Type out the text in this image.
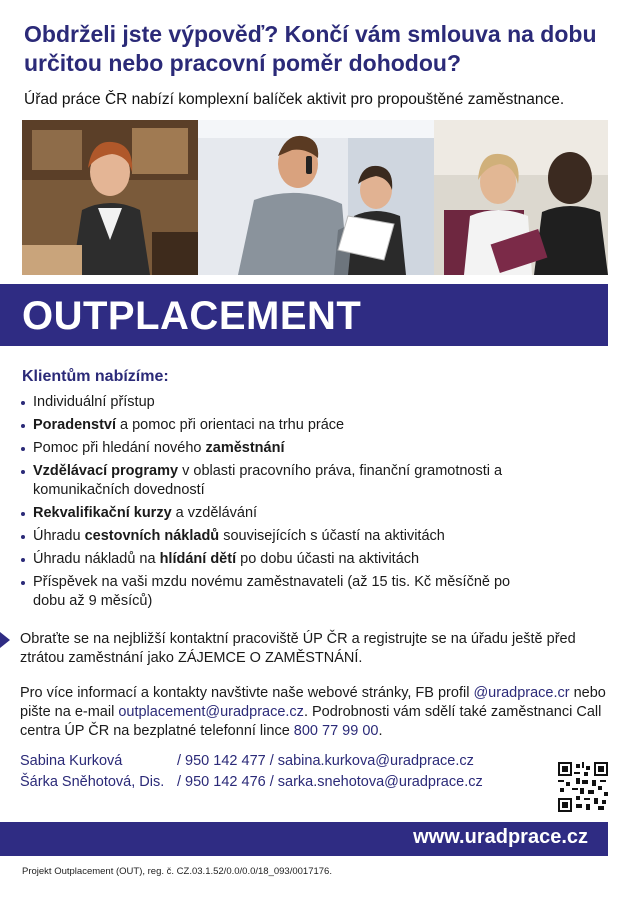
Obdrželi jste výpověď? Končí vám smlouva na dobu určitou nebo pracovní poměr dohodou?
Úřad práce ČR nabízí komplexní balíček aktivit pro propouštěné zaměstnance.
OUTPLACEMENT
Klientům nabízíme:
Individuální přístup
Poradenství a pomoc při orientaci na trhu práce
Pomoc při hledání nového zaměstnání
Vzdělávací programy v oblasti pracovního práva, finanční gramotnosti a komunikačních dovedností
Rekvalifikační kurzy a vzdělávání
Úhradu cestovních nákladů souvisejících s účastí na aktivitách
Úhradu nákladů na hlídání dětí po dobu účasti na aktivitách
Příspěvek na vaši mzdu novému zaměstnavateli (až 15 tis. Kč měsíčně po dobu až 9 měsíců)

Obraťte se na nejbližší kontaktní pracoviště ÚP ČR a registrujte se na úřadu ještě před ztrátou zaměstnání jako ZÁJEMCE O ZAMĚSTNÁNÍ.

Pro více informací a kontakty navštivte naše webové stránky, FB profil @uradprace.cr nebo pište na e-mail outplacement@uradprace.cz. Podrobnosti vám sdělí také zaměstnanci Call centra ÚP ČR na bezplatné telefonní lince 800 77 99 00.

Sabina Kurková	/ 950 142 477 / sabina.kurkova@uradprace.cz
Šárka Sněhotová, Dis. / 950 142 476 / sarka.snehotova@uradprace.cz
www.uradprace.cz
Projekt Outplacement (OUT), reg. č. CZ.03.1.52/0.0/0.0/18_093/0017176.
